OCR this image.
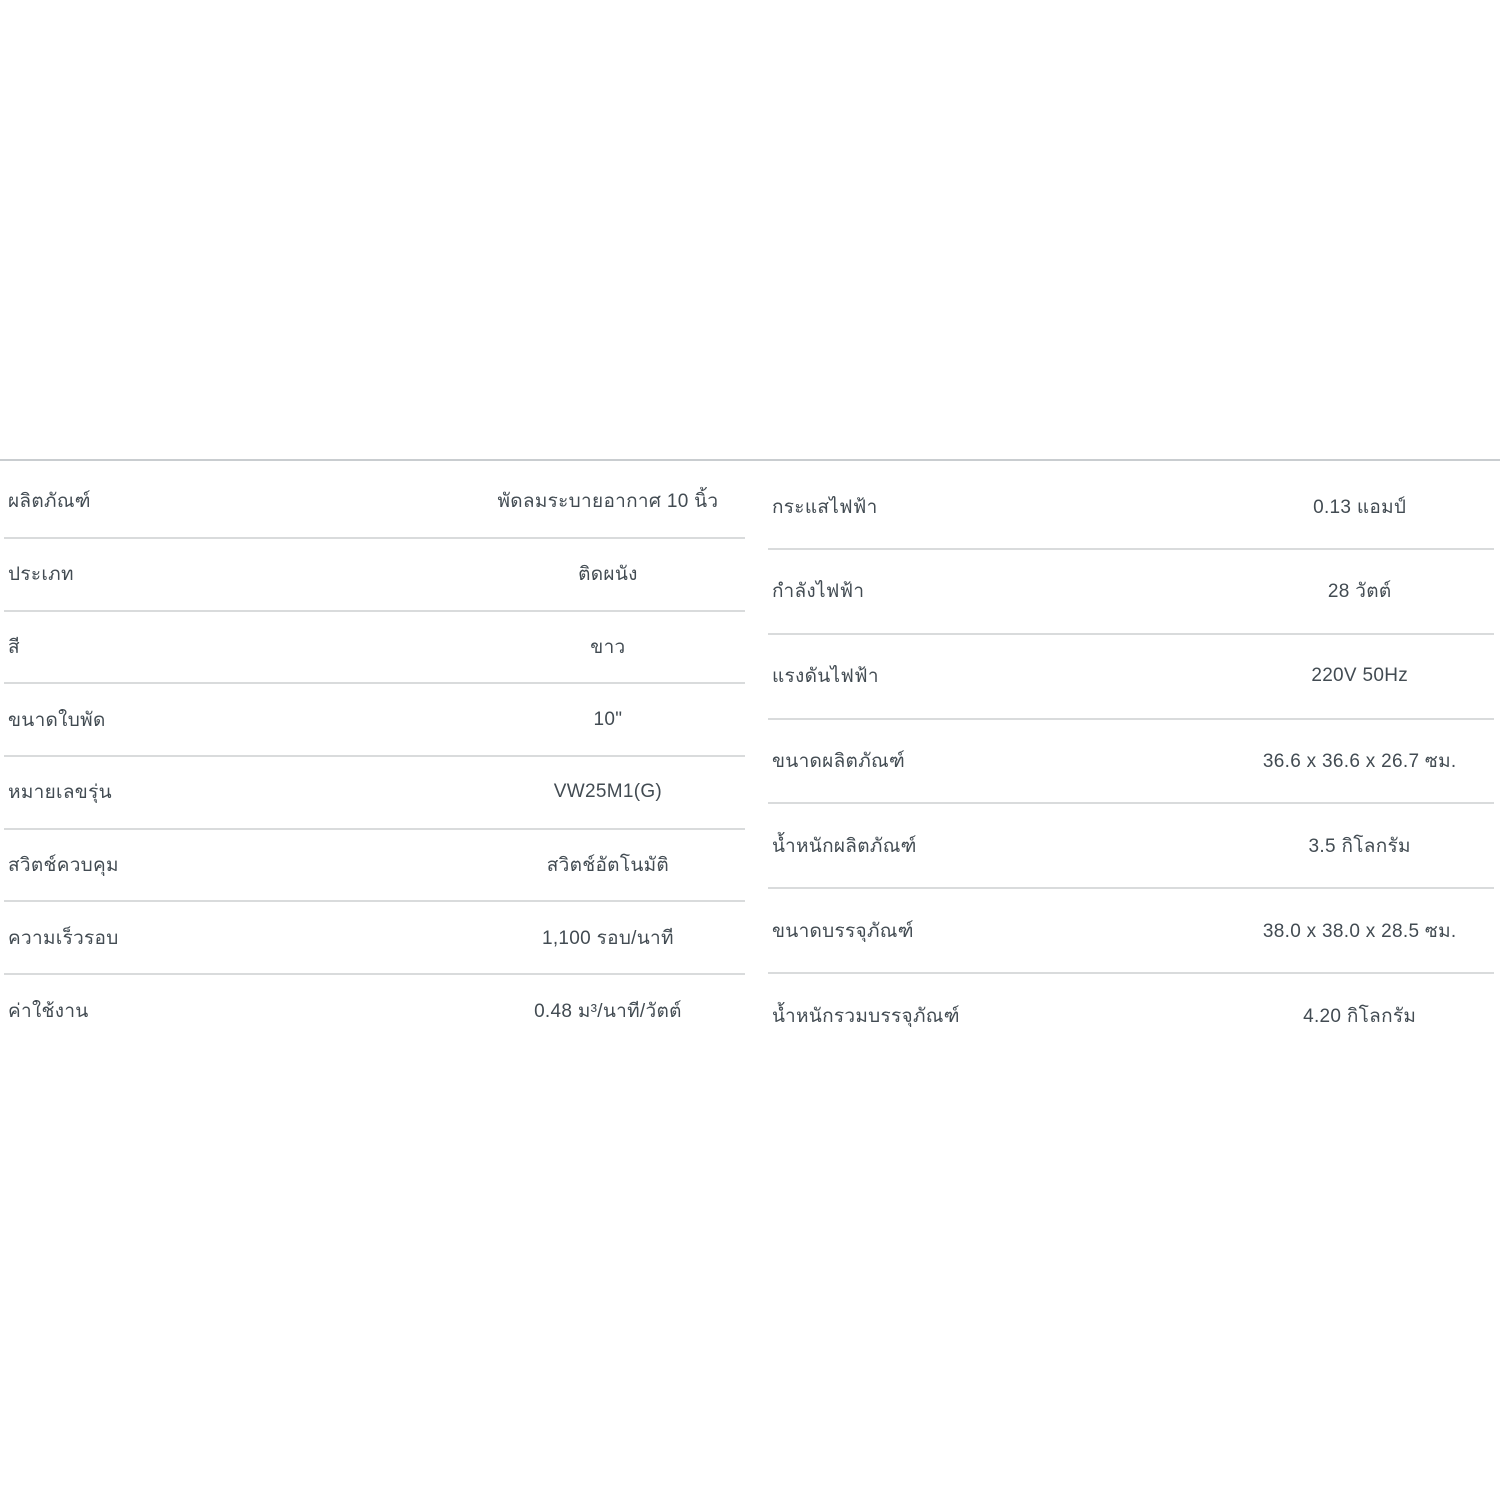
ผลิตภัณฑ์	พัดลมระบายอากาศ 10 นิ้ว
ประเภท	ติดผนัง
สี	ขาว
ขนาดใบพัด	10"
หมายเลขรุ่น	VW25M1(G)
สวิตช์ควบคุม	สวิตช์อัตโนมัติ
ความเร็วรอบ	1,100 รอบ/นาที
ค่าใช้งาน	0.48 ม³/นาที/วัตต์
กระแสไฟฟ้า	0.13 แอมป์
กำลังไฟฟ้า	28 วัตต์
แรงดันไฟฟ้า	220V 50Hz
ขนาดผลิตภัณฑ์	36.6 x 36.6 x 26.7 ซม.
น้ำหนักผลิตภัณฑ์	3.5 กิโลกรัม
ขนาดบรรจุภัณฑ์	38.0 x 38.0 x 28.5 ซม.
น้ำหนักรวมบรรจุภัณฑ์	4.20 กิโลกรัม
